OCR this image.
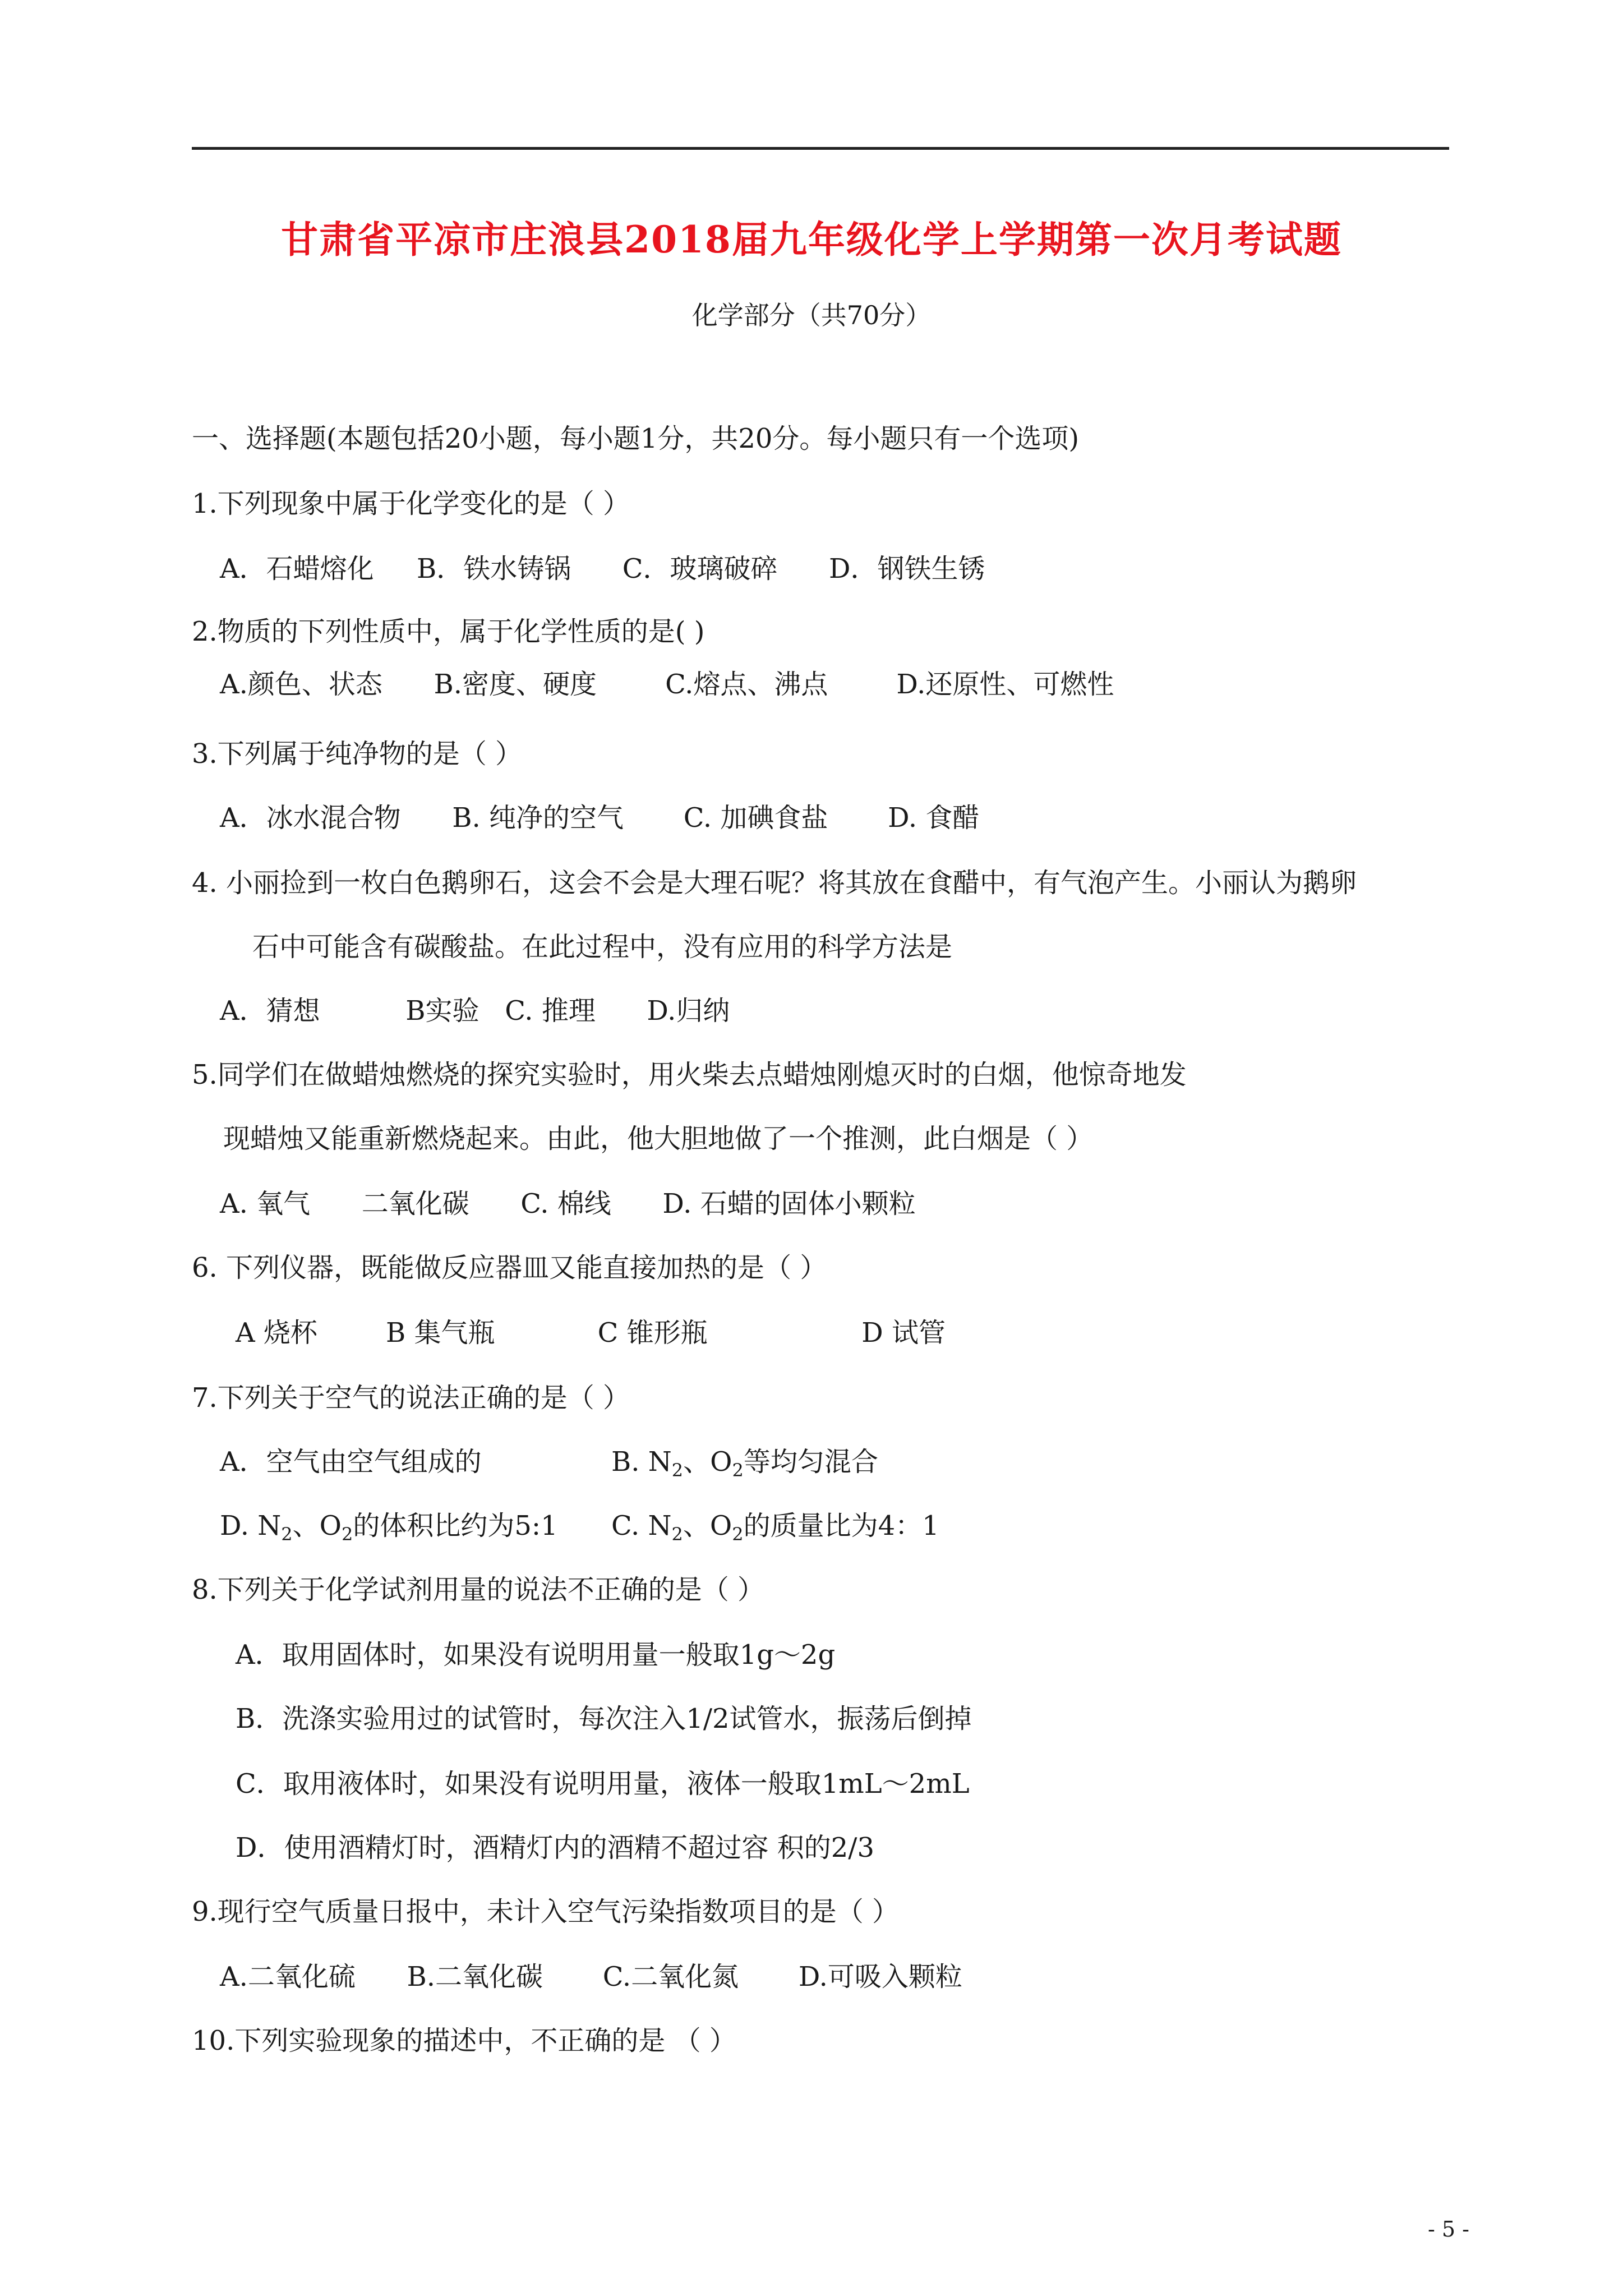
甘肃省平凉市庄浪县2018届九年级化学上学期第一次月考试题
化学部分（共70分）
一、选择题(本题包括20小题，每小题1分，共20分。每小题只有一个选项)
1.下列现象中属于化学变化的是（ ）
A．石蜡熔化     B．铁水铸锅      C．玻璃破碎      D．钢铁生锈
2.物质的下列性质中，属于化学性质的是( )
A.颜色、状态      B.密度、硬度        C.熔点、沸点        D.还原性、可燃性
3.下列属于纯净物的是（ ）
A．冰水混合物      B. 纯净的空气       C. 加碘食盐       D. 食醋
4. 小丽捡到一枚白色鹅卵石，这会不会是大理石呢？将其放在食醋中，有气泡产生。小丽认为鹅卵
石中可能含有碳酸盐。在此过程中，没有应用的科学方法是
A．猜想          B实验   C. 推理      D.归纳
5.同学们在做蜡烛燃烧的探究实验时，用火柴去点蜡烛刚熄灭时的白烟，他惊奇地发
现蜡烛又能重新燃烧起来。由此，他大胆地做了一个推测，此白烟是（ ）
A. 氧气      二氧化碳      C. 棉线      D. 石蜡的固体小颗粒
6. 下列仪器，既能做反应器皿又能直接加热的是（ ）
A 烧杯        B 集气瓶            C 锥形瓶                  D 试管
7.下列关于空气的说法正确的是（ ）
A．空气由空气组成的	B. $N_2$、$O_2$等均匀混合
D. $N_2$、$O_2$的体积比约为5:1 C. $N_2$、$O_2$的质量比为4：1
8.下列关于化学试剂用量的说法不正确的是（ ）
A．取用固体时，如果没有说明用量一般取1g～2g
B．洗涤实验用过的试管时，每次注入1/2试管水，振荡后倒掉
C．取用液体时，如果没有说明用量，液体一般取1mL～2mL
D．使用酒精灯时，酒精灯内的酒精不超过容 积的2/3
9.现行空气质量日报中，未计入空气污染指数项目的是（ ）
A.二氧化硫      B.二氧化碳       C.二氧化氮       D.可吸入颗粒
10.下列实验现象的描述中，不正确的是 （ ）
- 5 -
